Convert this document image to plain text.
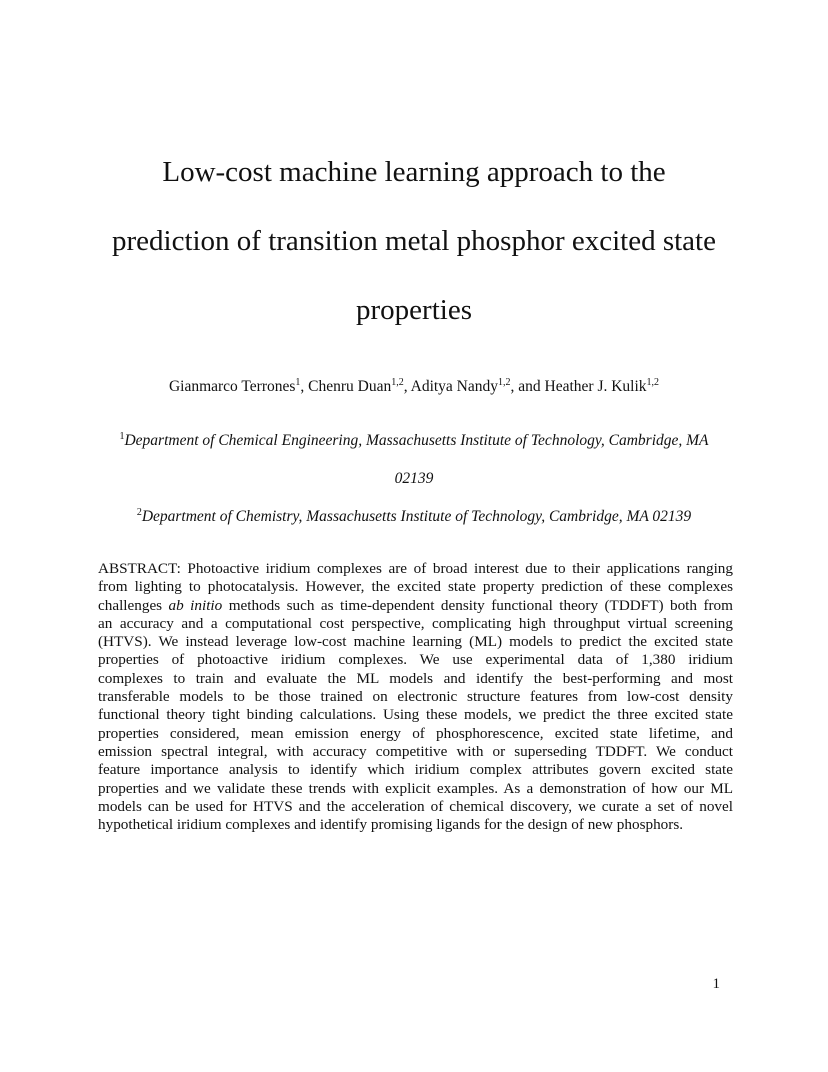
Low-cost machine learning approach to the
prediction of transition metal phosphor excited state
properties
Gianmarco Terrones$^1$, Chenru Duan$^{1,2}$, Aditya Nandy$^{1,2}$, and Heather J. Kulik$^{1,2}$
$^1$Department of Chemical Engineering, Massachusetts Institute of Technology, Cambridge, MA
02139
$^2$Department of Chemistry, Massachusetts Institute of Technology, Cambridge, MA 02139
ABSTRACT: Photoactive iridium complexes are of broad interest due to their applications ranging
from lighting to photocatalysis. However, the excited state property prediction of these complexes
challenges ab initio methods such as time-dependent density functional theory (TDDFT) both from
an accuracy and a computational cost perspective, complicating high throughput virtual screening
(HTVS). We instead leverage low-cost machine learning (ML) models to predict the excited state
properties of photoactive iridium complexes. We use experimental data of 1,380 iridium
complexes to train and evaluate the ML models and identify the best-performing and most
transferable models to be those trained on electronic structure features from low-cost density
functional theory tight binding calculations. Using these models, we predict the three excited state
properties considered, mean emission energy of phosphorescence, excited state lifetime, and
emission spectral integral, with accuracy competitive with or superseding TDDFT. We conduct
feature importance analysis to identify which iridium complex attributes govern excited state
properties and we validate these trends with explicit examples. As a demonstration of how our ML
models can be used for HTVS and the acceleration of chemical discovery, we curate a set of novel
hypothetical iridium complexes and identify promising ligands for the design of new phosphors.
1
